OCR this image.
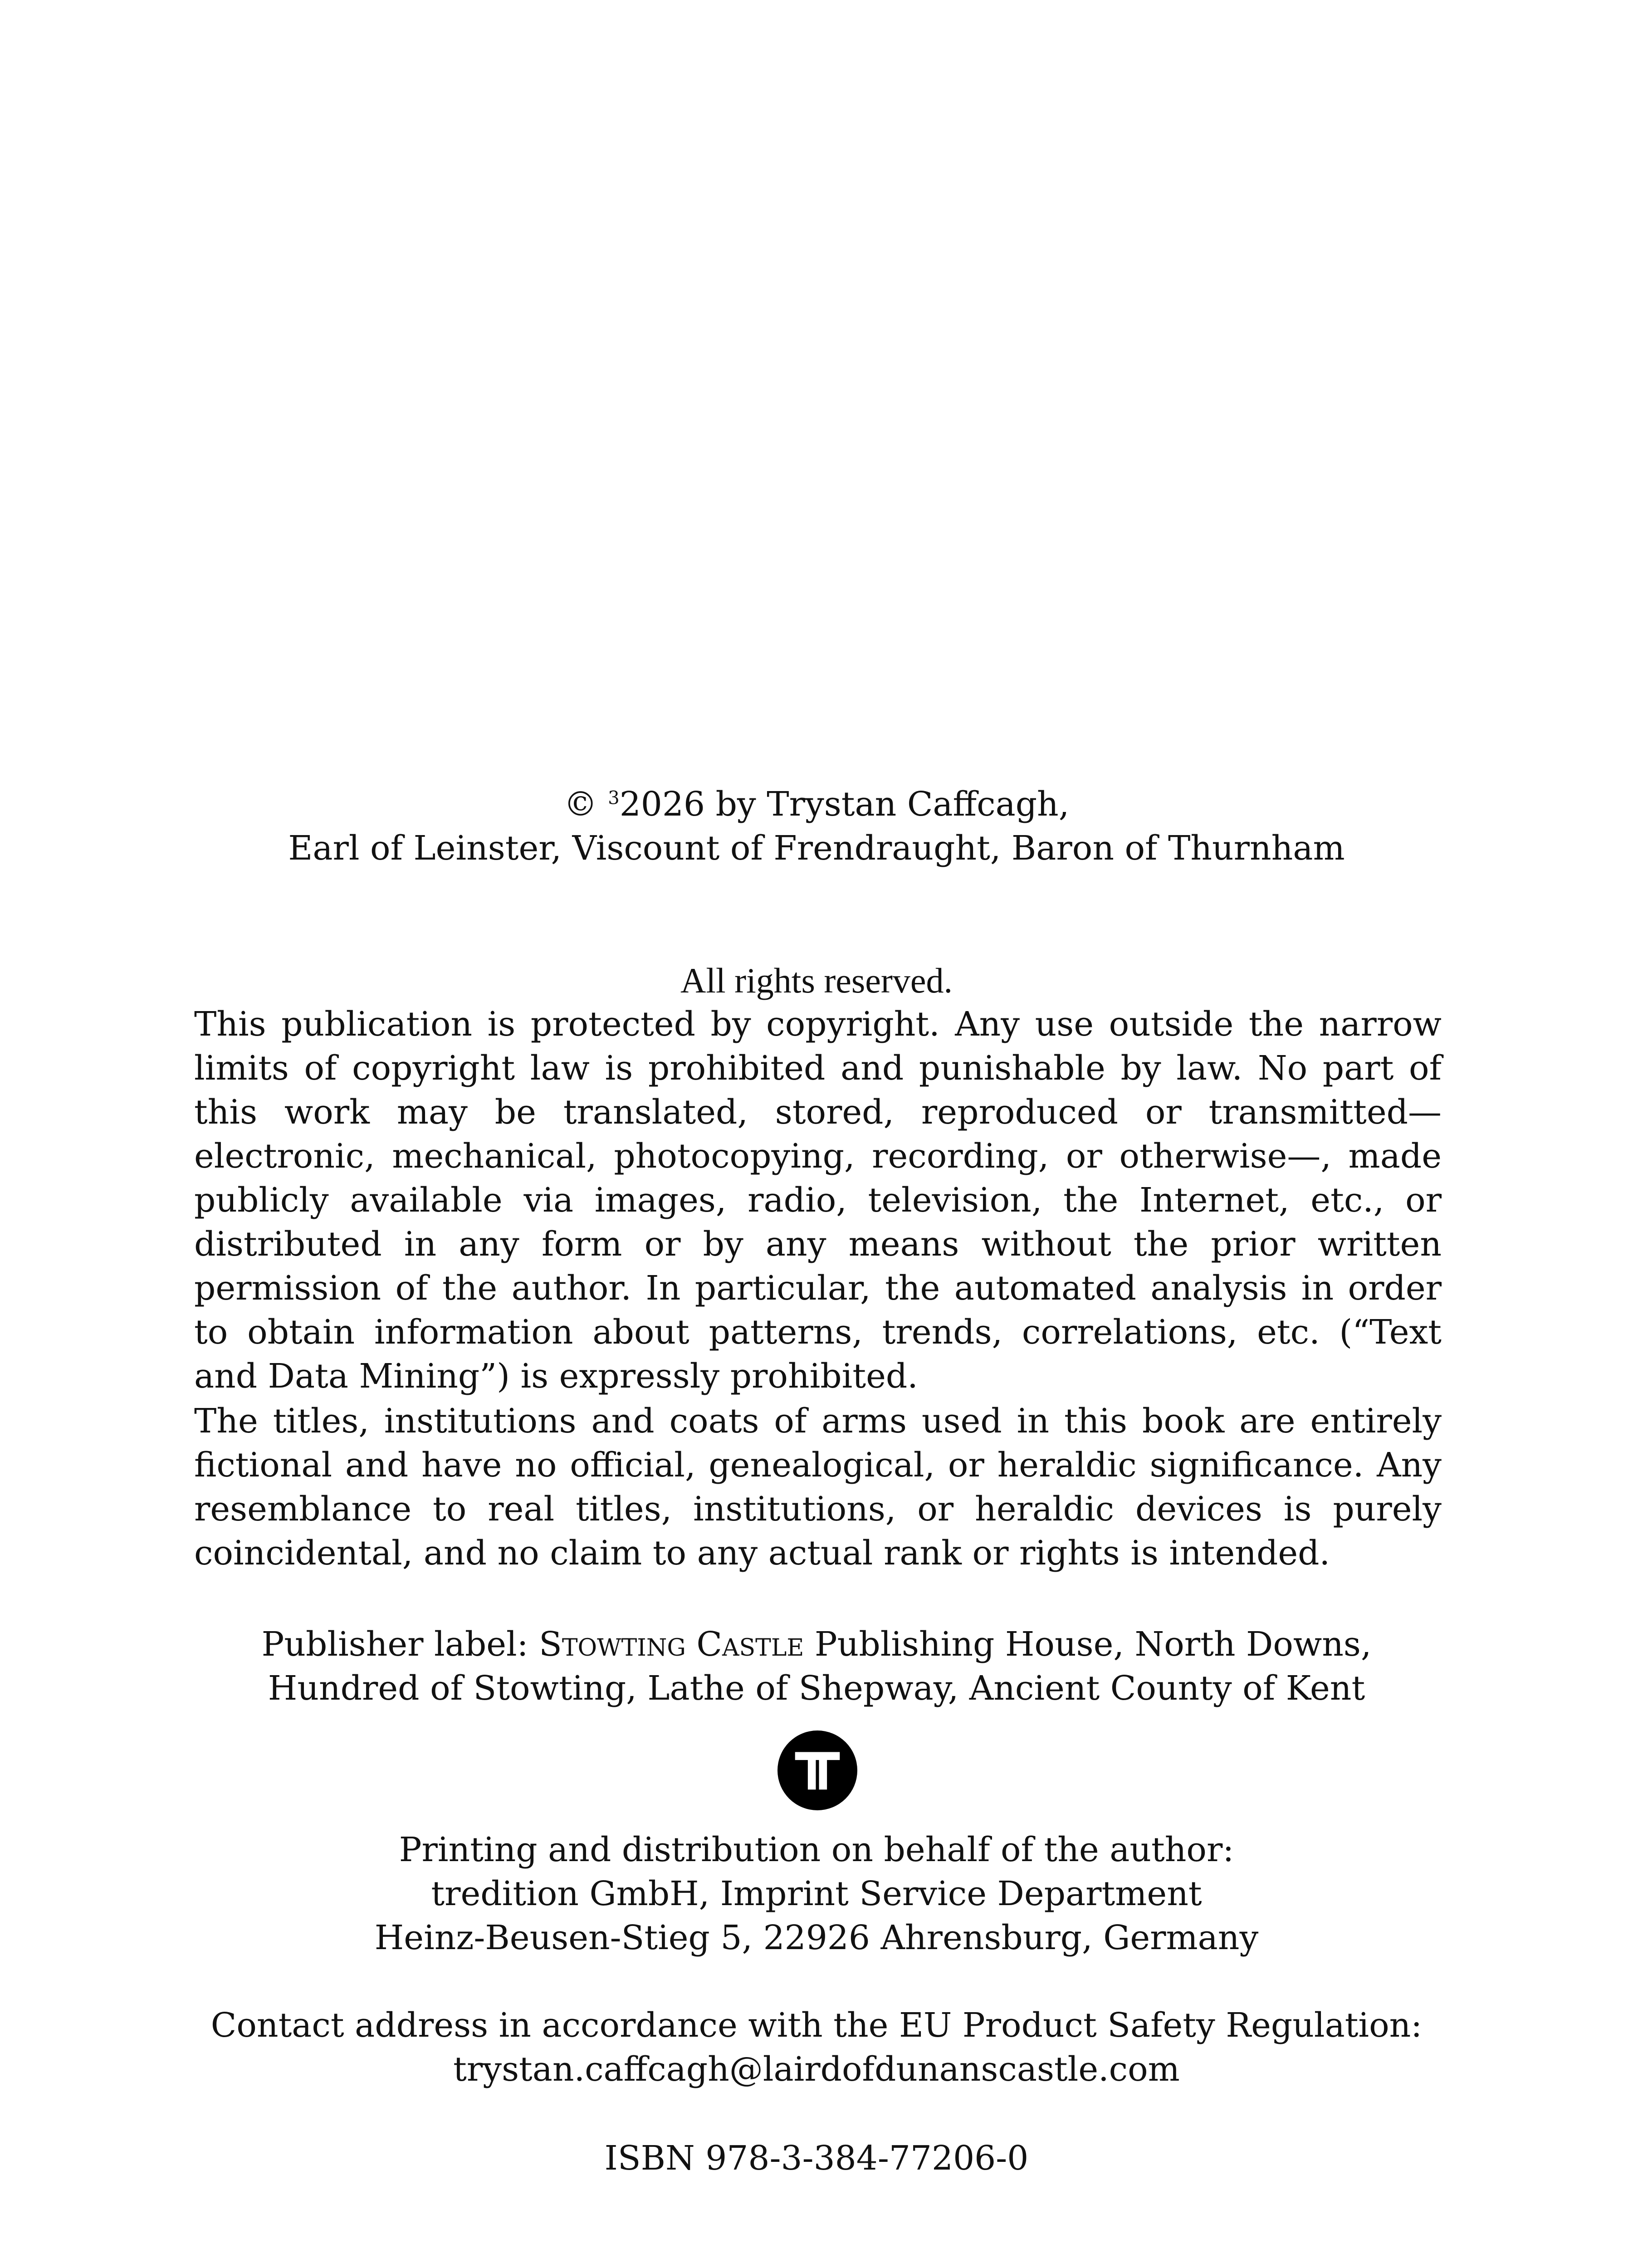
© $^3$2026 by Trystan Caffcagh,
Earl of Leinster, Viscount of Frendraught, Baron of Thurnham
All rights reserved.
This publication is protected by copyright. Any use outside the narrow limits of copyright law is prohibited and punishable by law. No part of this work may be translated, stored, reproduced or transmitted—electronic, mechanical, photocopying, recording, or otherwise—, made publicly available via images, radio, television, the Internet, etc., or distributed in any form or by any means without the prior written permission of the author. In particular, the automated analysis in order to obtain information about patterns, trends, correlations, etc. (“Text and Data Mining”) is expressly prohibited.
The titles, institutions and coats of arms used in this book are entirely fictional and have no official, genealogical, or heraldic significance. Any resemblance to real titles, institutions, or heraldic devices is purely coincidental, and no claim to any actual rank or rights is intended.
Publisher label: Stowting Castle Publishing House, North Downs,
Hundred of Stowting, Lathe of Shepway, Ancient County of Kent
Printing and distribution on behalf of the author:
tredition GmbH, Imprint Service Department
Heinz-Beusen-Stieg 5, 22926 Ahrensburg, Germany
Contact address in accordance with the EU Product Safety Regulation:
trystan.caffcagh@lairdofdunanscastle.com
ISBN 978-3-384-77206-0
